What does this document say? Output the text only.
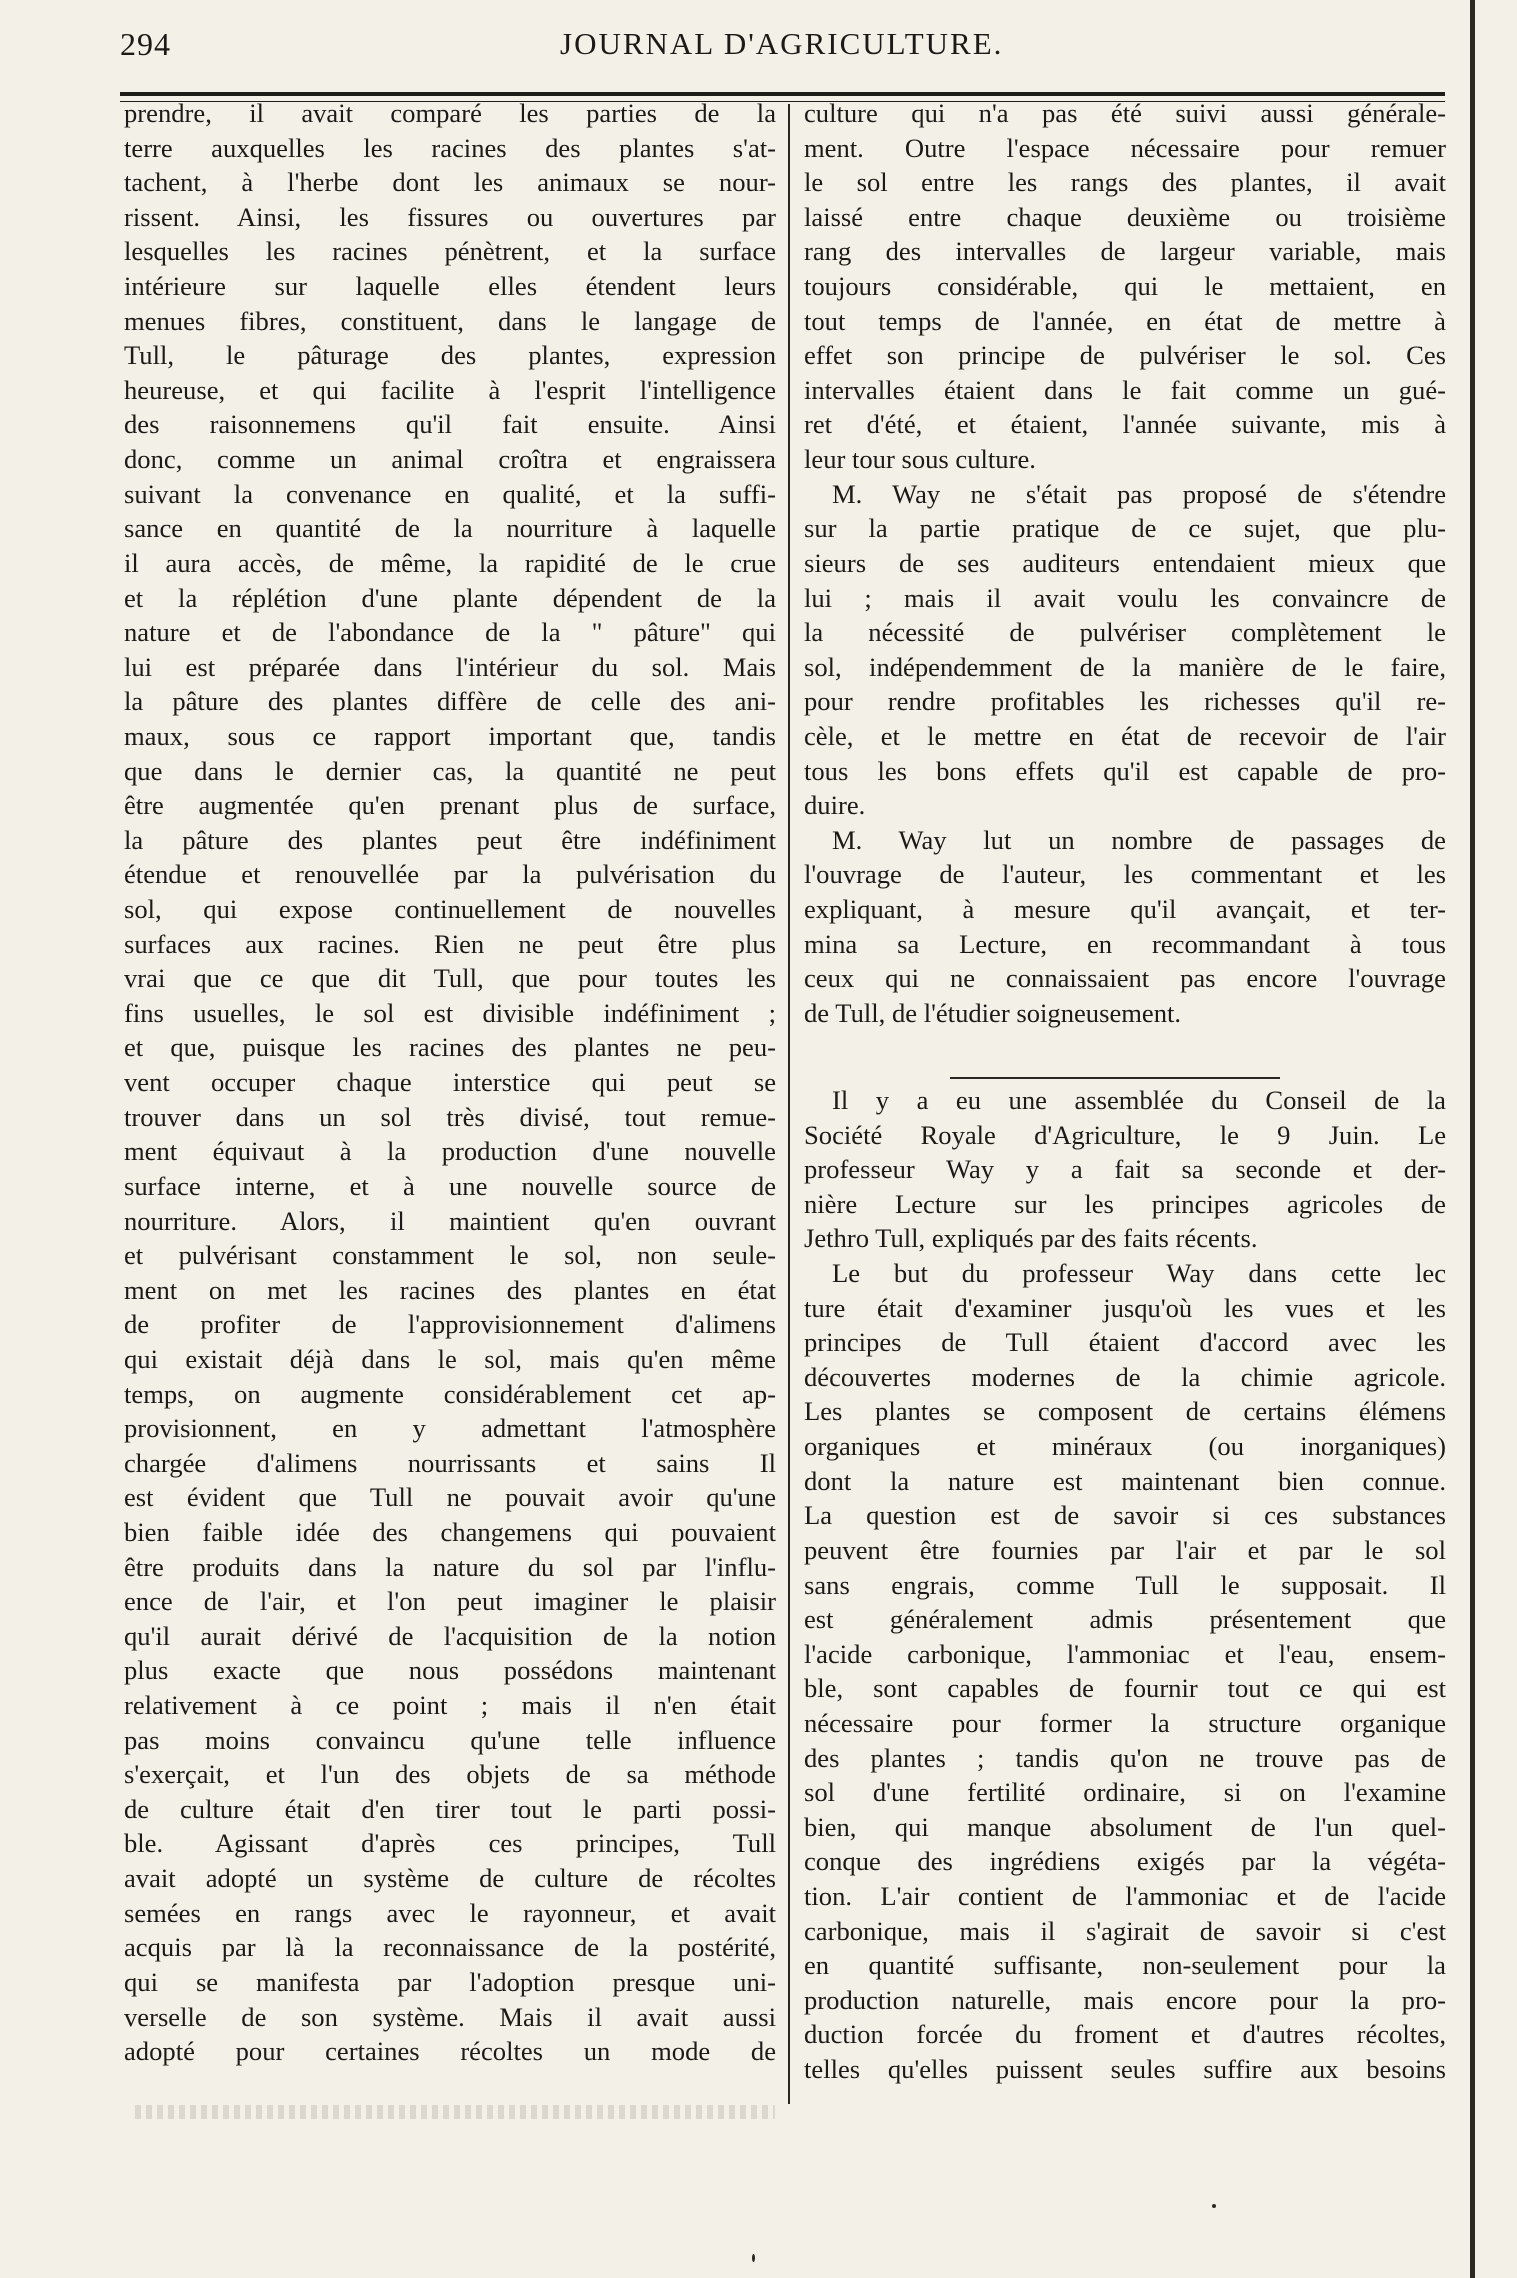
294	JOURNAL D'AGRICULTURE.
prendre, il avait comparé les parties de la
terre auxquelles les racines des plantes s'at-
tachent, à l'herbe dont les animaux se nour-
rissent. Ainsi, les fissures ou ouvertures par
lesquelles les racines pénètrent, et la surface
intérieure sur laquelle elles étendent leurs
menues fibres, constituent, dans le langage de
Tull, le pâturage des plantes, expression
heureuse, et qui facilite à l'esprit l'intelligence
des raisonnemens qu'il fait ensuite. Ainsi
donc, comme un animal croîtra et engraissera
suivant la convenance en qualité, et la suffi-
sance en quantité de la nourriture à laquelle
il aura accès, de même, la rapidité de le crue
et la réplétion d'une plante dépendent de la
nature et de l'abondance de la " pâture" qui
lui est préparée dans l'intérieur du sol. Mais
la pâture des plantes diffère de celle des ani-
maux, sous ce rapport important que, tandis
que dans le dernier cas, la quantité ne peut
être augmentée qu'en prenant plus de surface,
la pâture des plantes peut être indéfiniment
étendue et renouvellée par la pulvérisation du
sol, qui expose continuellement de nouvelles
surfaces aux racines. Rien ne peut être plus
vrai que ce que dit Tull, que pour toutes les
fins usuelles, le sol est divisible indéfiniment ;
et que, puisque les racines des plantes ne peu-
vent occuper chaque interstice qui peut se
trouver dans un sol très divisé, tout remue-
ment équivaut à la production d'une nouvelle
surface interne, et à une nouvelle source de
nourriture. Alors, il maintient qu'en ouvrant
et pulvérisant constamment le sol, non seule-
ment on met les racines des plantes en état
de profiter de l'approvisionnement d'alimens
qui existait déjà dans le sol, mais qu'en même
temps, on augmente considérablement cet ap-
provisionnent, en y admettant l'atmosphère
chargée d'alimens nourrissants et sains Il
est évident que Tull ne pouvait avoir qu'une
bien faible idée des changemens qui pouvaient
être produits dans la nature du sol par l'influ-
ence de l'air, et l'on peut imaginer le plaisir
qu'il aurait dérivé de l'acquisition de la notion
plus exacte que nous possédons maintenant
relativement à ce point ; mais il n'en était
pas moins convaincu qu'une telle influence
s'exerçait, et l'un des objets de sa méthode
de culture était d'en tirer tout le parti possi-
ble. Agissant d'après ces principes, Tull
avait adopté un système de culture de récoltes
semées en rangs avec le rayonneur, et avait
acquis par là la reconnaissance de la postérité,
qui se manifesta par l'adoption presque uni-
verselle de son système. Mais il avait aussi
adopté pour certaines récoltes un mode de
culture qui n'a pas été suivi aussi générale-
ment. Outre l'espace nécessaire pour remuer
le sol entre les rangs des plantes, il avait
laissé entre chaque deuxième ou troisième
rang des intervalles de largeur variable, mais
toujours considérable, qui le mettaient, en
tout temps de l'année, en état de mettre à
effet son principe de pulvériser le sol. Ces
intervalles étaient dans le fait comme un gué-
ret d'été, et étaient, l'année suivante, mis à
leur tour sous culture.
M. Way ne s'était pas proposé de s'étendre
sur la partie pratique de ce sujet, que plu-
sieurs de ses auditeurs entendaient mieux que
lui ; mais il avait voulu les convaincre de
la nécessité de pulvériser complètement le
sol, indépendemment de la manière de le faire,
pour rendre profitables les richesses qu'il re-
cèle, et le mettre en état de recevoir de l'air
tous les bons effets qu'il est capable de pro-
duire.
M. Way lut un nombre de passages de
l'ouvrage de l'auteur, les commentant et les
expliquant, à mesure qu'il avançait, et ter-
mina sa Lecture, en recommandant à tous
ceux qui ne connaissaient pas encore l'ouvrage
de Tull, de l'étudier soigneusement.
Il y a eu une assemblée du Conseil de la
Société Royale d'Agriculture, le 9 Juin. Le
professeur Way y a fait sa seconde et der-
nière Lecture sur les principes agricoles de
Jethro Tull, expliqués par des faits récents.
Le but du professeur Way dans cette lec
ture était d'examiner jusqu'où les vues et les
principes de Tull étaient d'accord avec les
découvertes modernes de la chimie agricole.
Les plantes se composent de certains élémens
organiques et minéraux (ou inorganiques)
dont la nature est maintenant bien connue.
La question est de savoir si ces substances
peuvent être fournies par l'air et par le sol
sans engrais, comme Tull le supposait. Il
est généralement admis présentement que
l'acide carbonique, l'ammoniac et l'eau, ensem-
ble, sont capables de fournir tout ce qui est
nécessaire pour former la structure organique
des plantes ; tandis qu'on ne trouve pas de
sol d'une fertilité ordinaire, si on l'examine
bien, qui manque absolument de l'un quel-
conque des ingrédiens exigés par la végéta-
tion. L'air contient de l'ammoniac et de l'acide
carbonique, mais il s'agirait de savoir si c'est
en quantité suffisante, non-seulement pour la
production naturelle, mais encore pour la pro-
duction forcée du froment et d'autres récoltes,
telles qu'elles puissent seules suffire aux besoins
